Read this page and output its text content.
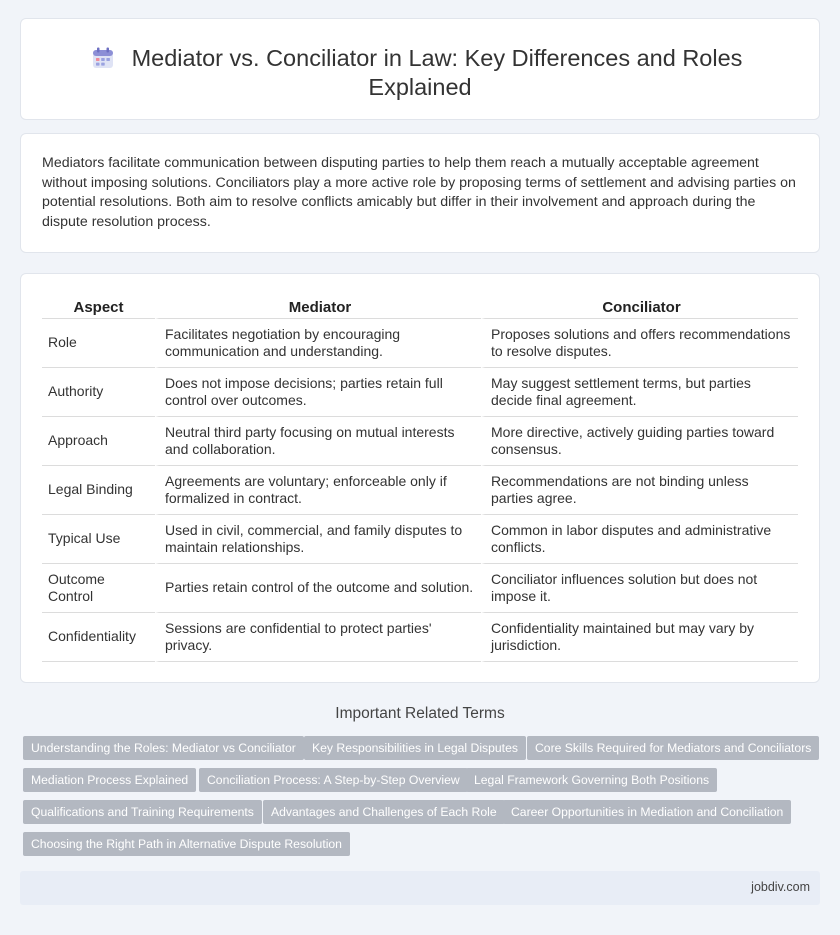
Mediator vs. Conciliator in Law: Key Differences and Roles
Explained

Mediators facilitate communication between disputing parties to help them reach a mutually acceptable agreement without imposing solutions. Conciliators play a more active role by proposing terms of settlement and advising parties on potential resolutions. Both aim to resolve conflicts amicably but differ in their involvement and approach during the dispute resolution process.

Aspect	Mediator	Conciliator
Role	Facilitates negotiation by encouraging communication and understanding.	Proposes solutions and offers recommendations to resolve disputes.
Authority	Does not impose decisions; parties retain full control over outcomes.	May suggest settlement terms, but parties decide final agreement.
Approach	Neutral third party focusing on mutual interests and collaboration.	More directive, actively guiding parties toward consensus.
Legal Binding	Agreements are voluntary; enforceable only if formalized in contract.	Recommendations are not binding unless parties agree.
Typical Use	Used in civil, commercial, and family disputes to maintain relationships.	Common in labor disputes and administrative conflicts.
Outcome Control	Parties retain control of the outcome and solution.	Conciliator influences solution but does not impose it.
Confidentiality	Sessions are confidential to protect parties' privacy.	Confidentiality maintained but may vary by jurisdiction.
Important Related Terms
Understanding the Roles: Mediator vs Conciliator	Key Responsibilities in Legal Disputes	Core Skills Required for Mediators and Conciliators
Mediation Process Explained	Conciliation Process: A Step-by-Step Overview	Legal Framework Governing Both Positions
Qualifications and Training Requirements	Advantages and Challenges of Each Role	Career Opportunities in Mediation and Conciliation
Choosing the Right Path in Alternative Dispute Resolution
jobdiv.com
